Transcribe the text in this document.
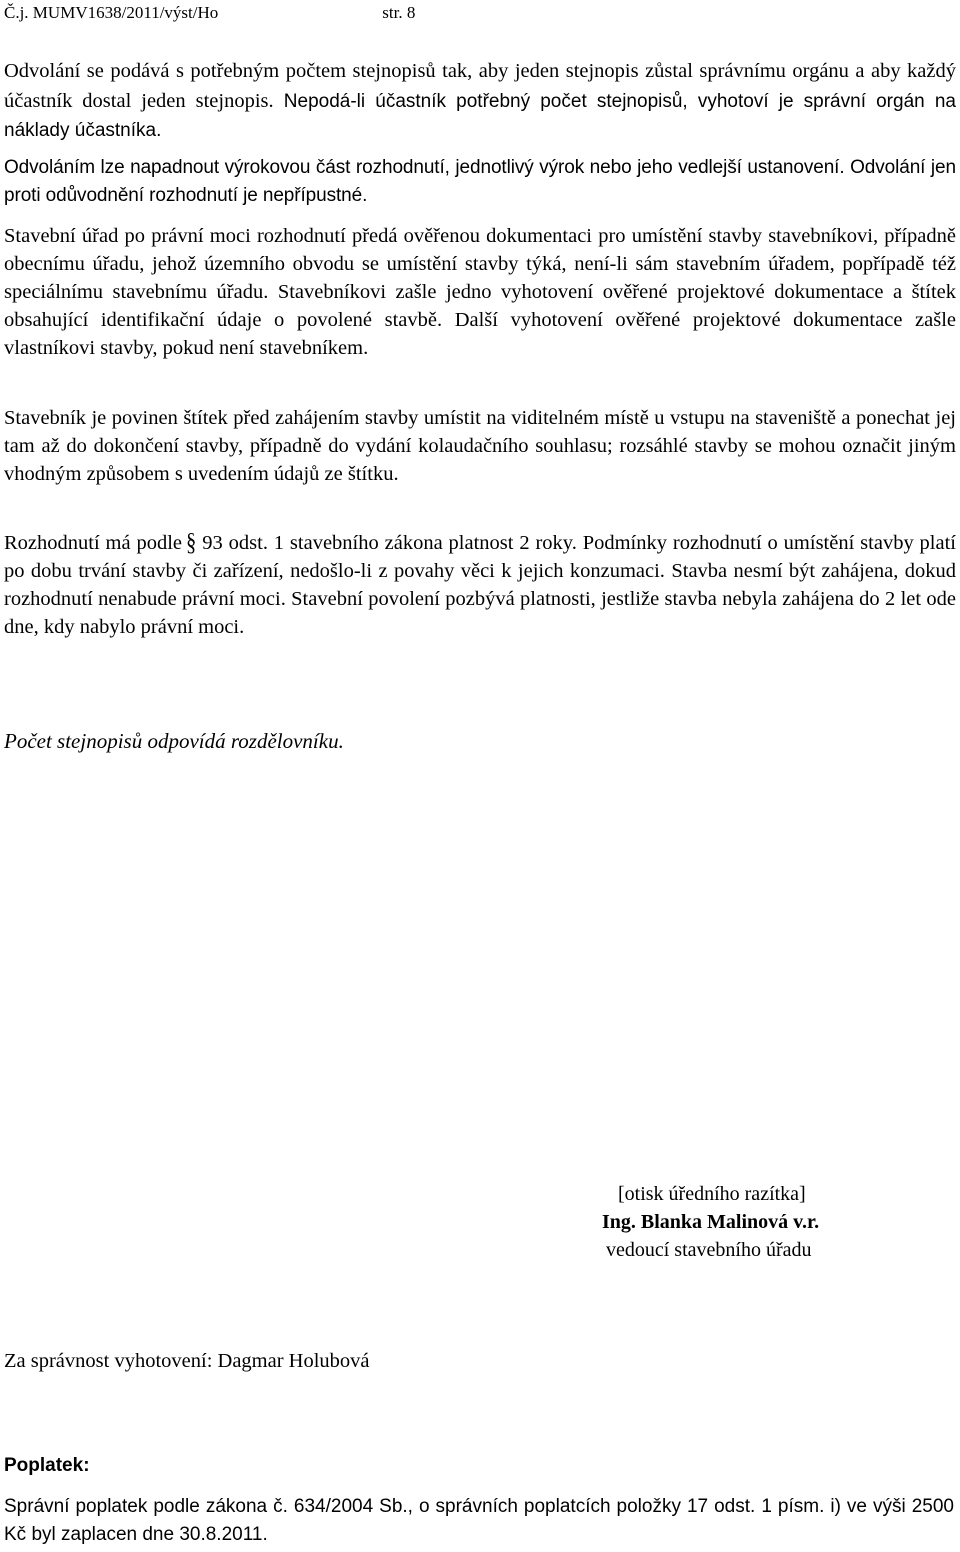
Č.j. MUMV1638/2011/výst/Ho	str. 8

Odvolání se podává s potřebným počtem stejnopisů tak, aby jeden stejnopis zůstal správnímu orgánu a aby každý účastník dostal jeden stejnopis. Nepodá-li účastník potřebný počet stejnopisů, vyhotoví je správní orgán na náklady účastníka.

Odvoláním lze napadnout výrokovou část rozhodnutí, jednotlivý výrok nebo jeho vedlejší ustanovení. Odvolání jen proti odůvodnění rozhodnutí je nepřípustné.

Stavební úřad po právní moci rozhodnutí předá ověřenou dokumentaci pro umístění stavby stavebníkovi, případně obecnímu úřadu, jehož územního obvodu se umístění stavby týká, není-li sám stavebním úřadem, popřípadě též speciálnímu stavebnímu úřadu. Stavebníkovi zašle jedno vyhotovení ověřené projektové dokumentace a štítek obsahující identifikační údaje o povolené stavbě. Další vyhotovení ověřené projektové dokumentace zašle vlastníkovi stavby, pokud není stavebníkem.

Stavebník je povinen štítek před zahájením stavby umístit na viditelném místě u vstupu na staveniště a ponechat jej tam až do dokončení stavby, případně do vydání kolaudačního souhlasu; rozsáhlé stavby se mohou označit jiným vhodným způsobem s uvedením údajů ze štítku.

Rozhodnutí má podle § 93 odst. 1 stavebního zákona platnost 2 roky. Podmínky rozhodnutí o umístění stavby platí po dobu trvání stavby či zařízení, nedošlo-li z povahy věci k jejich konzumaci. Stavba nesmí být zahájena, dokud rozhodnutí nenabude právní moci. Stavební povolení pozbývá platnosti, jestliže stavba nebyla zahájena do 2 let ode dne, kdy nabylo právní moci.

Počet stejnopisů odpovídá rozdělovníku.

[otisk úředního razítka]
Ing. Blanka Malinová v.r.
vedoucí stavebního úřadu

Za správnost vyhotovení: Dagmar Holubová

Poplatek:

Správní poplatek podle zákona č. 634/2004 Sb., o správních poplatcích položky 17 odst. 1 písm. i) ve výši 2500 Kč byl zaplacen dne 30.8.2011.
